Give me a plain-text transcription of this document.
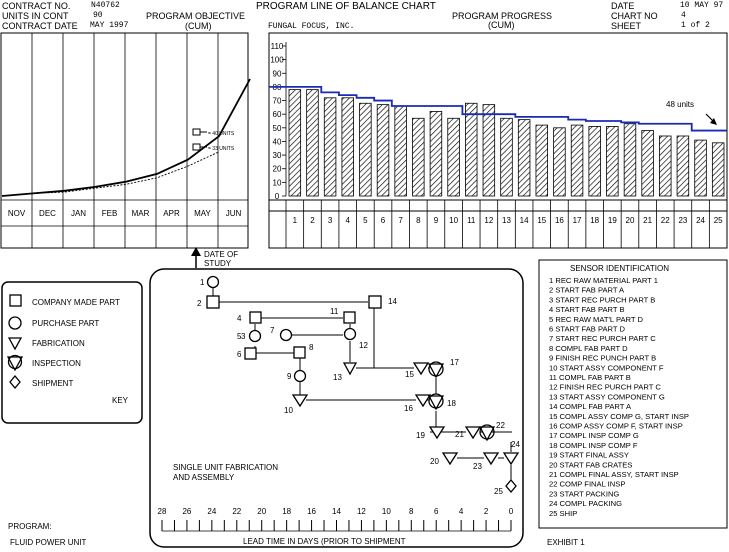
CONTRACT NO.	N40762
UNITS IN CONT	90
CONTRACT DATE MAY 1997
PROGRAM OBJECTIVE
(CUM)
PROGRAM LINE OF BALANCE CHART
FUNGAL FOCUS, INC.
PROGRAM PROGRESS
(CUM)
DATE	10 MAY 97
CHART NO	4
SHEET	1 of 2
NOV DEC JAN FEB MAR APR MAY JUN
= 40 UNITS
= 33 UNITS
DATE OF
STUDY
0
10
20
30
40
50
60
70
80
90
100
110
1 2 3 4 5 6 7 8 9 10 11 12 13 14 15 16 17 18 19 20 21 22 23 24 25
48 units
COMPANY MADE PART
PURCHASE PART
FABRICATION
INSPECTION
SHIPMENT
KEY
1
2
3
4
5
6
7
8
9
10
11
12
13
14
15
16
17
18
19
20
21
22
23
24
25
SINGLE UNIT FABRICATION
AND ASSEMBLY
28 26 24 22 20 18 16 14 12 10 8	6	4	2	0
LEAD TIME IN DAYS (PRIOR TO SHIPMENT
SENSOR IDENTIFICATION
1 REC RAW MATERIAL PART 1
2 START FAB PART A
3 START REC PURCH PART B
4 START FAB PART B
5 REC RAW MAT'L PART D
6 START FAB PART D
7 START REC PURCH PART C
8 COMPL FAB PART D
9 FINISH REC PUNCH PART B
10 START ASSY COMPONENT F
11 COMPL FAB PART B
12 FINISH REC PURCH PART C
13 START ASSY COMPONENT G
14 COMPL FAB PART A
15 COMPL ASSY COMP G, START INSP
16 COMP ASSY COMP F, START INSP
17 COMPL INSP COMP G
18 COMPL INSP COMP F
19 START FINAL ASSY
20 START FAB CRATES
21 COMPL FINAL ASSY, START INSP
22 COMP FINAL INSP
23 START PACKING
24 COMPL PACKING
25 SHIP
PROGRAM:
FLUID POWER UNIT	EXHIBIT 1
